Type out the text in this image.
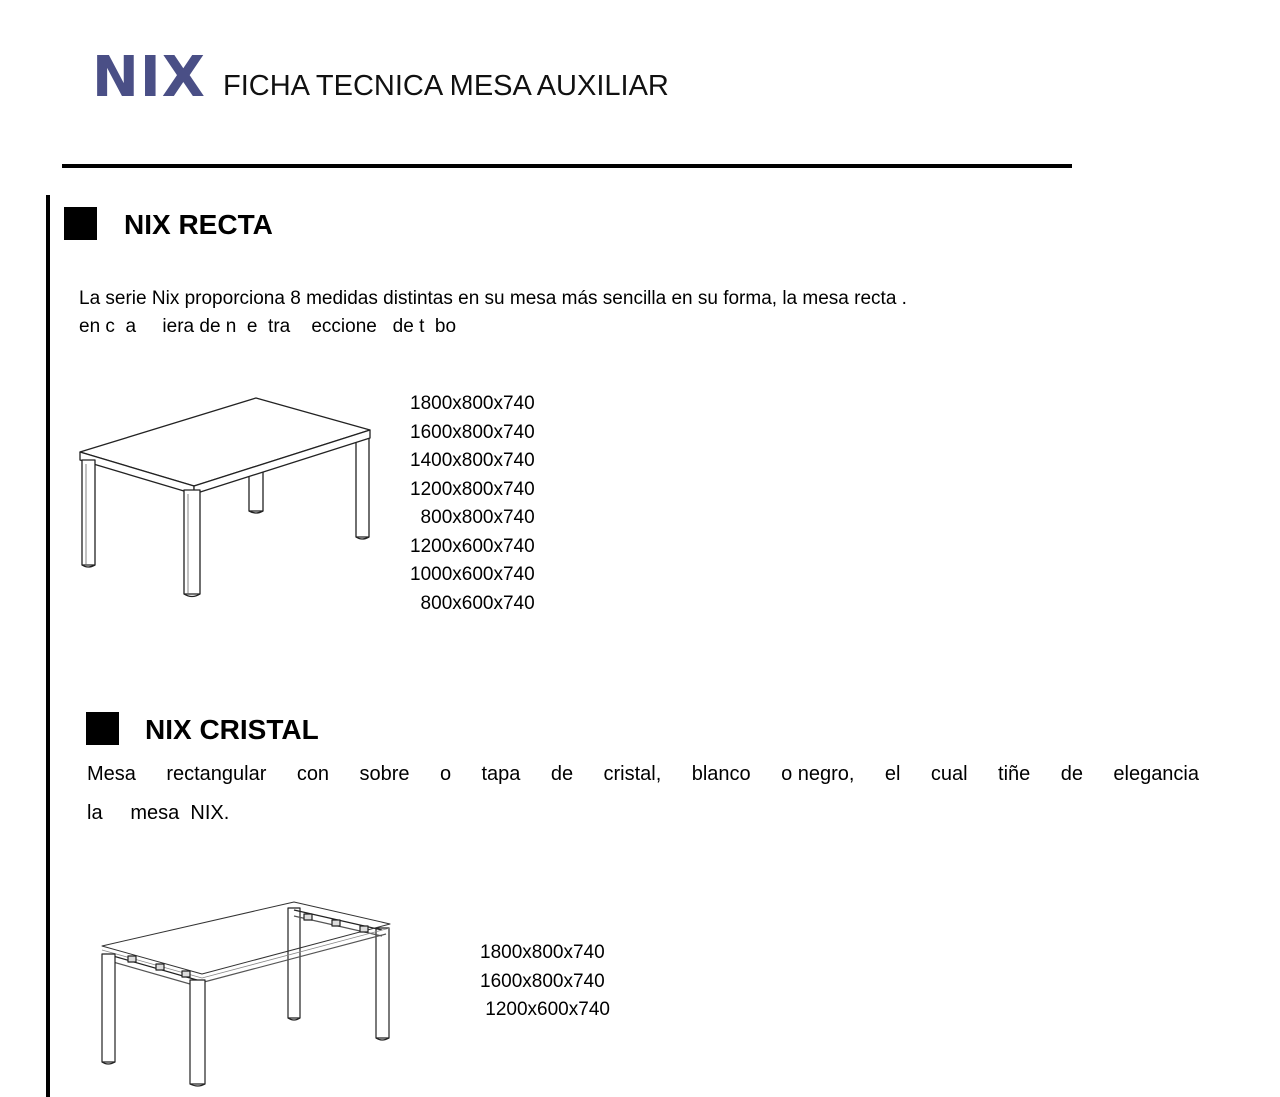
NIX FICHA TECNICA MESA AUXILIAR
NIX RECTA
La serie Nix proporciona 8 medidas distintas en su mesa más sencilla en su forma, la mesa recta .
en c  a     iera de n  e  tra    eccione   de t  bo
1800x800x740
1600x800x740
1400x800x740
1200x800x740
800x800x740
1200x600x740
1000x600x740
800x600x740
NIX CRISTAL
Mesa rectangular con sobre o tapa de cristal, blanco o negro, el cual tiñe de elegancia
la     mesa  NIX.
1800x800x740
1600x800x740
1200x600x740
